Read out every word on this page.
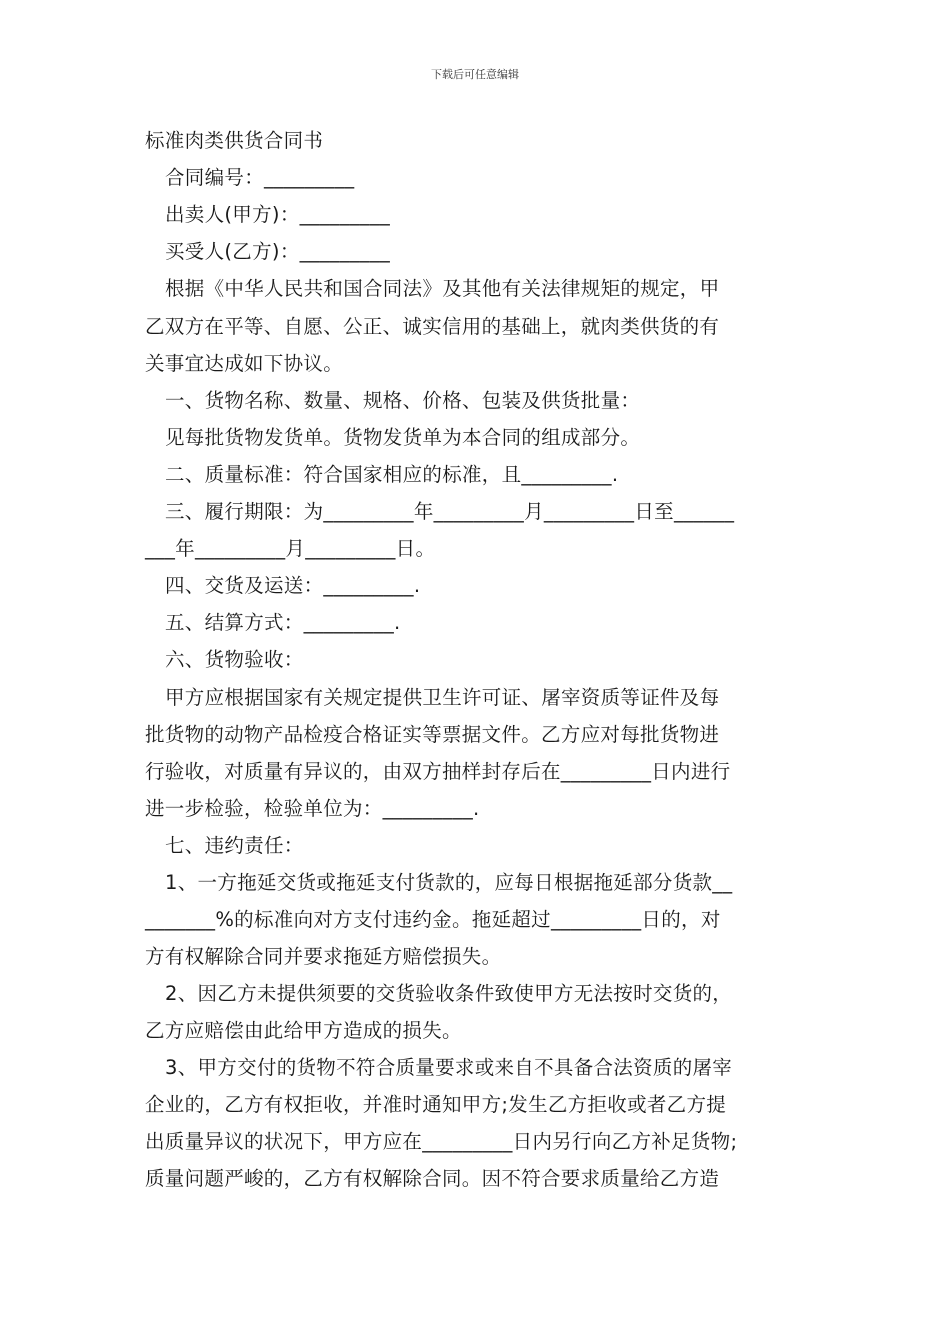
下载后可任意编辑
标准肉类供货合同书
合同编号：_________
出卖人(甲方)：_________
买受人(乙方)：_________
根据《中华人民共和国合同法》及其他有关法律规矩的规定，甲
乙双方在平等、自愿、公正、诚实信用的基础上，就肉类供货的有
关事宜达成如下协议。
一、货物名称、数量、规格、价格、包装及供货批量：
见每批货物发货单。货物发货单为本合同的组成部分。
二、质量标准：符合国家相应的标准，且_________.
三、履行期限：为_________年_________月_________日至______
___年_________月_________日。
四、交货及运送：_________.
五、结算方式：_________.
六、货物验收：
甲方应根据国家有关规定提供卫生许可证、屠宰资质等证件及每
批货物的动物产品检疫合格证实等票据文件。乙方应对每批货物进
行验收，对质量有异议的，由双方抽样封存后在_________日内进行
进一步检验，检验单位为：_________.
七、违约责任：
1、一方拖延交货或拖延支付货款的，应每日根据拖延部分货款__
_______%的标准向对方支付违约金。拖延超过_________日的，对
方有权解除合同并要求拖延方赔偿损失。
2、因乙方未提供须要的交货验收条件致使甲方无法按时交货的，
乙方应赔偿由此给甲方造成的损失。
3、甲方交付的货物不符合质量要求或来自不具备合法资质的屠宰
企业的，乙方有权拒收，并准时通知甲方;发生乙方拒收或者乙方提
出质量异议的状况下，甲方应在_________日内另行向乙方补足货物;
质量问题严峻的，乙方有权解除合同。因不符合要求质量给乙方造
